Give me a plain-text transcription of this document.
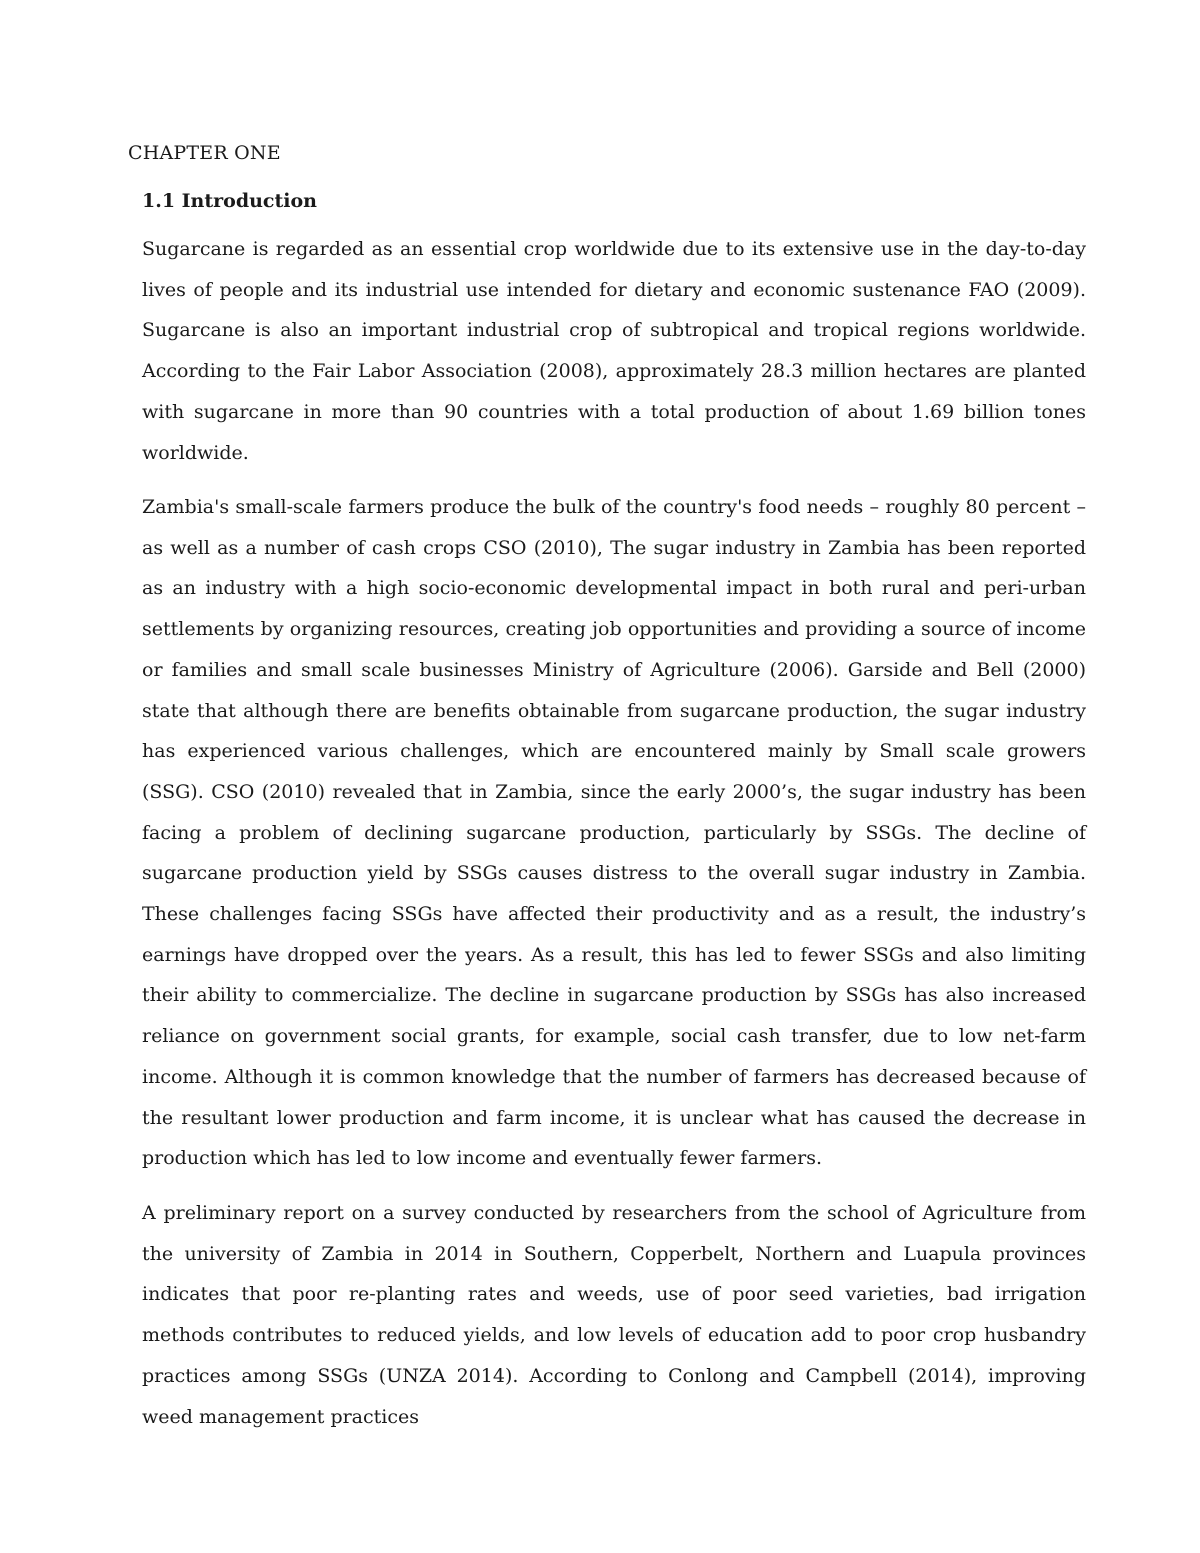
CHAPTER ONE
1.1 Introduction

Sugarcane is regarded as an essential crop worldwide due to its extensive use in the day-to-day lives of people and its industrial use intended for dietary and economic sustenance FAO (2009). Sugarcane is also an important industrial crop of subtropical and tropical regions worldwide. According to the Fair Labor Association (2008), approximately 28.3 million hectares are planted with sugarcane in more than 90 countries with a total production of about 1.69 billion tones worldwide.

Zambia's small-scale farmers produce the bulk of the country's food needs – roughly 80 percent – as well as a number of cash crops CSO (2010), The sugar industry in Zambia has been reported as an industry with a high socio-economic developmental impact in both rural and peri-urban settlements by organizing resources, creating job opportunities and providing a source of income or families and small scale businesses Ministry of Agriculture (2006). Garside and Bell (2000) state that although there are benefits obtainable from sugarcane production, the sugar industry has experienced various challenges, which are encountered mainly by Small scale growers (SSG). CSO (2010) revealed that in Zambia, since the early 2000’s, the sugar industry has been facing a problem of declining sugarcane production, particularly by SSGs. The decline of sugarcane production yield by SSGs causes distress to the overall sugar industry in Zambia. These challenges facing SSGs have affected their productivity and as a result, the industry’s earnings have dropped over the years. As a result, this has led to fewer SSGs and also limiting their ability to commercialize. The decline in sugarcane production by SSGs has also increased reliance on government social grants, for example, social cash transfer, due to low net-farm income. Although it is common knowledge that the number of farmers has decreased because of the resultant lower production and farm income, it is unclear what has caused the decrease in production which has led to low income and eventually fewer farmers.

A preliminary report on a survey conducted by researchers from the school of Agriculture from the university of Zambia in 2014 in Southern, Copperbelt, Northern and Luapula provinces indicates that poor re-planting rates and weeds, use of poor seed varieties, bad irrigation methods contributes to reduced yields, and low levels of education add to poor crop husbandry practices among SSGs (UNZA 2014). According to Conlong and Campbell (2014), improving weed management practices
